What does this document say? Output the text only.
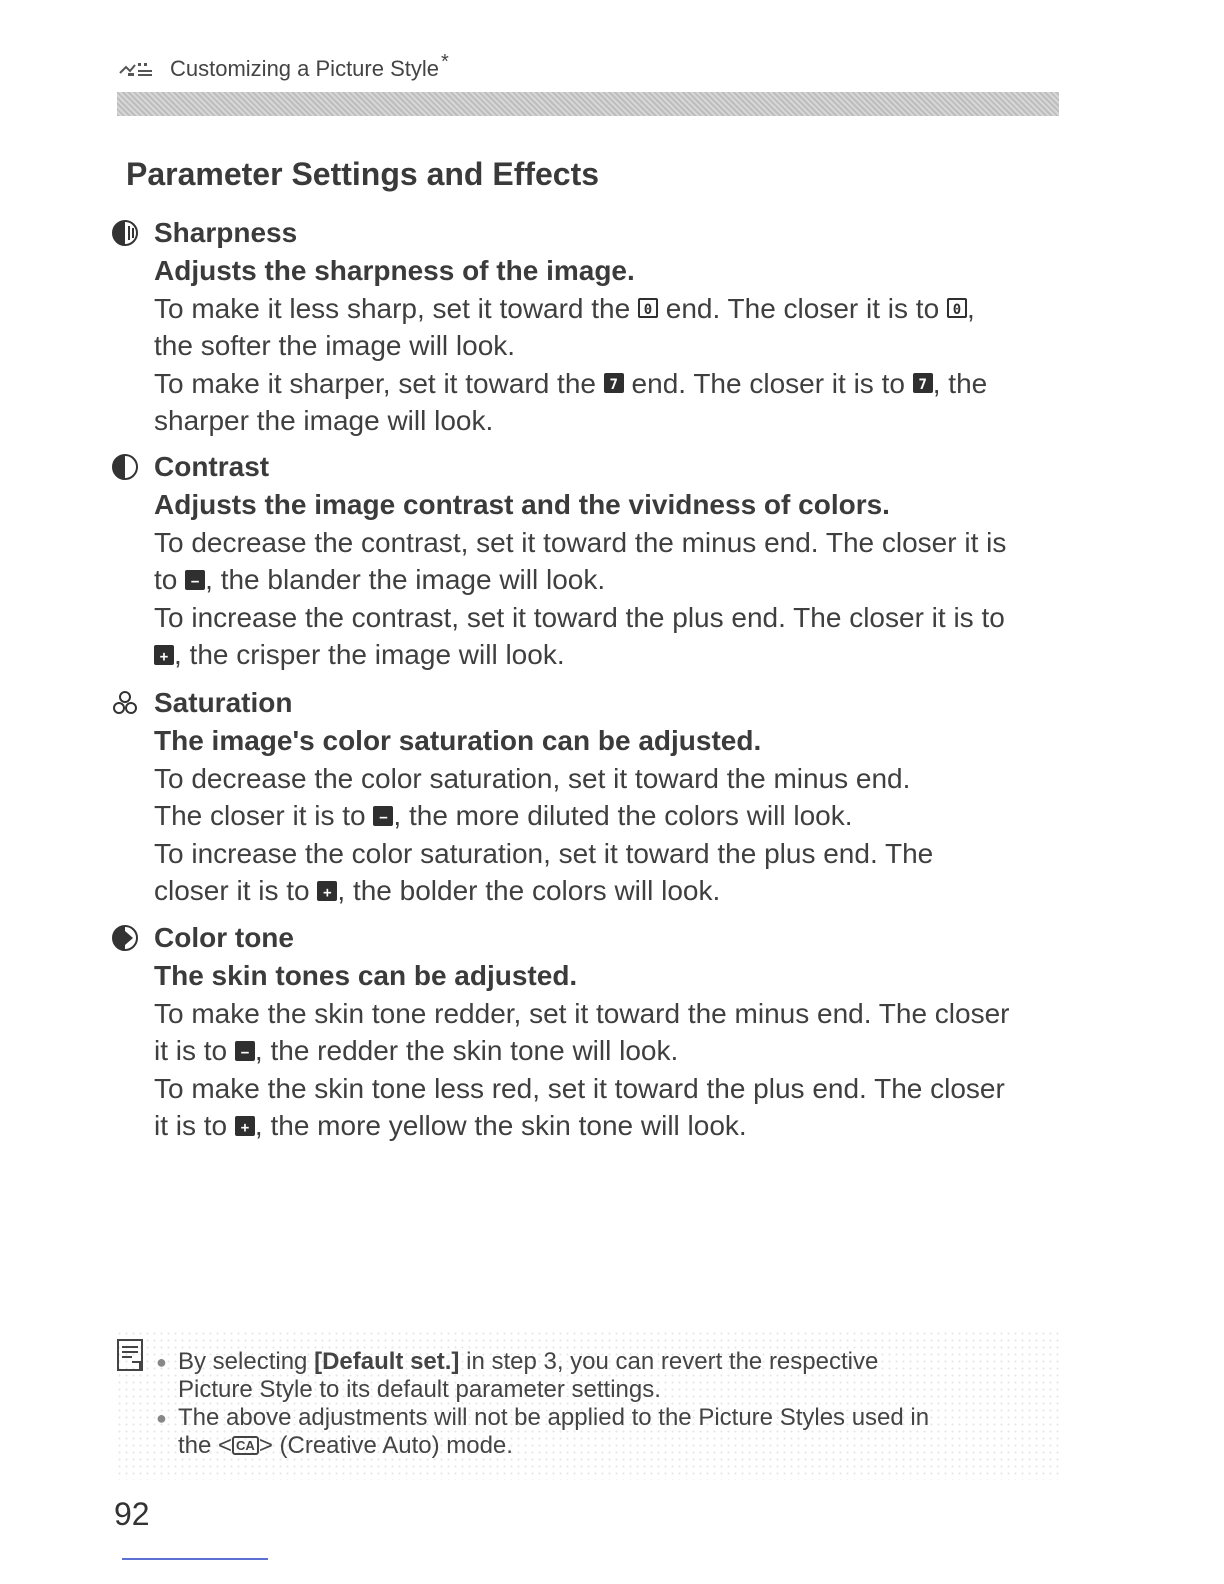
Customizing a Picture Style *
Parameter Settings and Effects
Sharpness
Adjusts the sharpness of the image.
To make it less sharp, set it toward the 0 end. The closer it is to 0 ,
the softer the image will look.
To make it sharper, set it toward the 7 end. The closer it is to 7 , the
sharper the image will look.
Contrast
Adjusts the image contrast and the vividness of colors.
To decrease the contrast, set it toward the minus end. The closer it is
to − , the blander the image will look.
To increase the contrast, set it toward the plus end. The closer it is to
+ , the crisper the image will look.
Saturation
The image's color saturation can be adjusted.
To decrease the color saturation, set it toward the minus end.
The closer it is to − , the more diluted the colors will look.
To increase the color saturation, set it toward the plus end. The
closer it is to + , the bolder the colors will look.
Color tone
The skin tones can be adjusted.
To make the skin tone redder, set it toward the minus end. The closer
it is to − , the redder the skin tone will look.
To make the skin tone less red, set it toward the plus end. The closer
it is to + , the more yellow the skin tone will look.
● By selecting [Default set.] in step 3, you can revert the respective
Picture Style to its default parameter settings.
● The above adjustments will not be applied to the Picture Styles used in
the < CA > (Creative Auto) mode.
92
